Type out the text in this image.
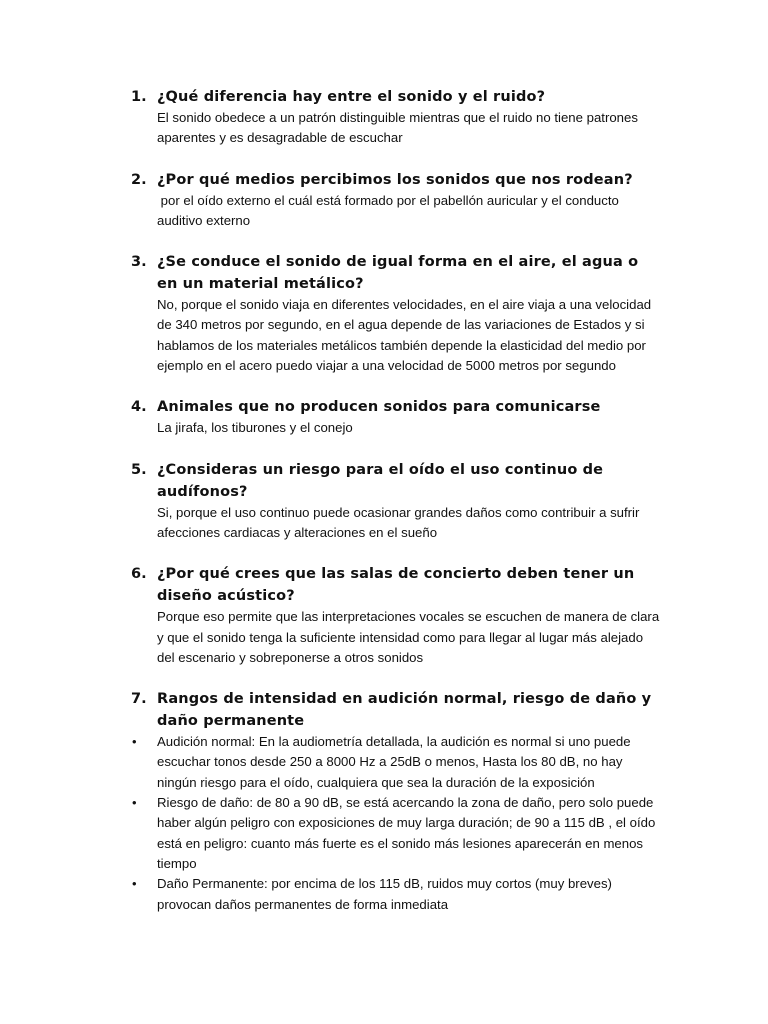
1. ¿Qué diferencia hay entre el sonido y el ruido?
El sonido obedece a un patrón distinguible mientras que el ruido no tiene patrones aparentes y es desagradable de escuchar
2. ¿Por qué medios percibimos los sonidos que nos rodean?
por el oído externo el cuál está formado por el pabellón auricular y el conducto auditivo externo
3. ¿Se conduce el sonido de igual forma en el aire, el agua o en un material metálico?
No, porque el sonido viaja en diferentes velocidades, en el aire viaja a una velocidad de 340 metros por segundo, en el agua depende de las variaciones de Estados y si hablamos de los materiales metálicos también depende la elasticidad del medio por ejemplo en el acero puedo viajar a una velocidad de 5000 metros por segundo
4. Animales que no producen sonidos para comunicarse
La jirafa, los tiburones y el conejo
5. ¿Consideras un riesgo para el oído el uso continuo de audífonos?
Si, porque el uso continuo puede ocasionar grandes daños como contribuir a sufrir afecciones cardiacas y alteraciones en el sueño
6. ¿Por qué crees que las salas de concierto deben tener un diseño acústico?
Porque eso permite que las interpretaciones vocales se escuchen de manera de clara y que el sonido tenga la suficiente intensidad como para llegar al lugar más alejado del escenario y sobreponerse a otros sonidos
7. Rangos de intensidad en audición normal, riesgo de daño y daño permanente
• Audición normal: En la audiometría detallada, la audición es normal si uno puede escuchar tonos desde 250 a 8000 Hz a 25dB o menos, Hasta los 80 dB, no hay ningún riesgo para el oído, cualquiera que sea la duración de la exposición
• Riesgo de daño: de 80 a 90 dB, se está acercando la zona de daño, pero solo puede haber algún peligro con exposiciones de muy larga duración; de 90 a 115 dB , el oído está en peligro: cuanto más fuerte es el sonido más lesiones aparecerán en menos tiempo
• Daño Permanente: por encima de los 115 dB, ruidos muy cortos (muy breves) provocan daños permanentes de forma inmediata
